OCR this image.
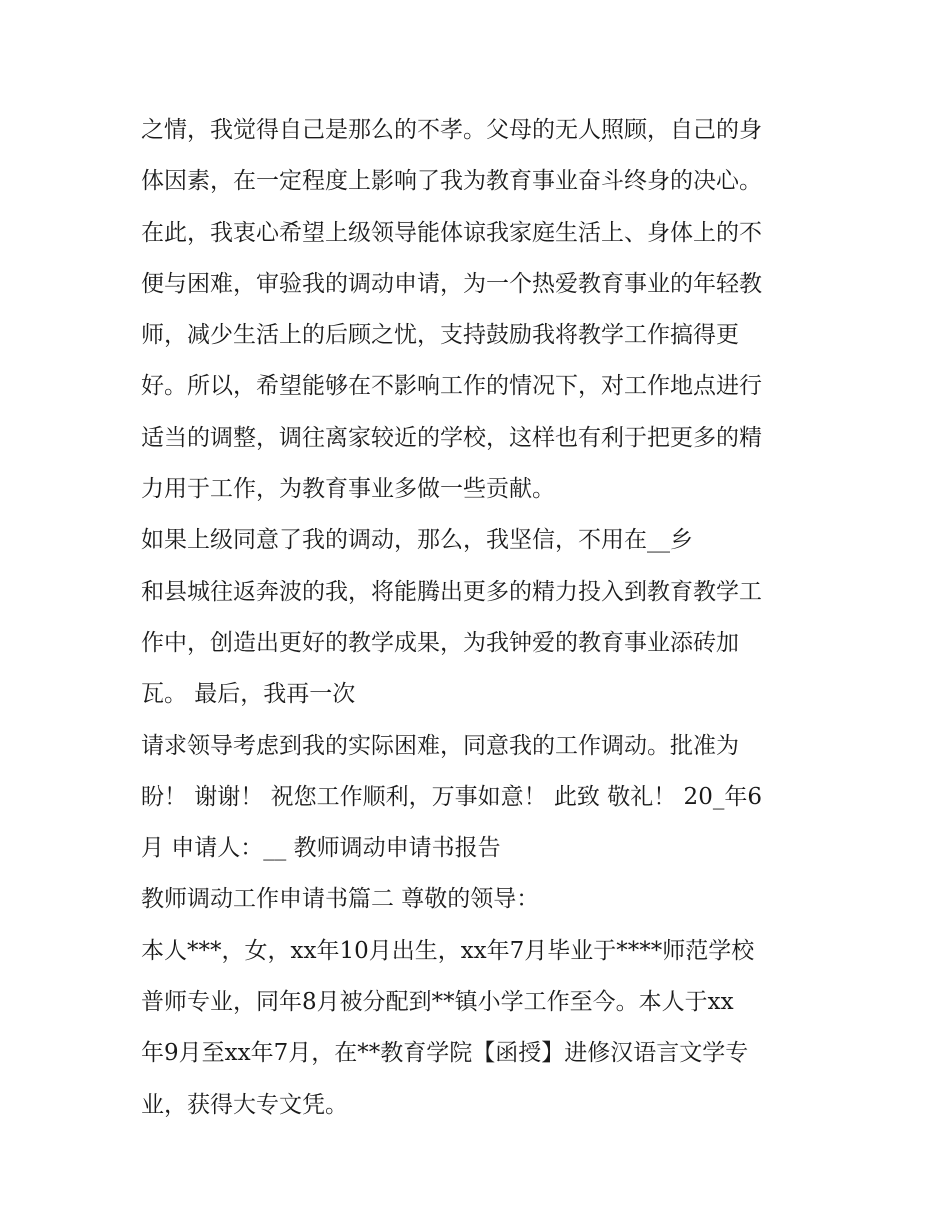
之情，我觉得自己是那么的不孝。父母的无人照顾，自己的身
体因素，在一定程度上影响了我为教育事业奋斗终身的决心。
在此，我衷心希望上级领导能体谅我家庭生活上、身体上的不
便与困难，审验我的调动申请，为一个热爱教育事业的年轻教
师，减少生活上的后顾之忧，支持鼓励我将教学工作搞得更
好。所以，希望能够在不影响工作的情况下，对工作地点进行
适当的调整，调往离家较近的学校，这样也有利于把更多的精
力用于工作，为教育事业多做一些贡献。
如果上级同意了我的调动，那么，我坚信，不用在__乡
和县城往返奔波的我，将能腾出更多的精力投入到教育教学工
作中，创造出更好的教学成果，为我钟爱的教育事业添砖加
瓦。 最后，我再一次
请求领导考虑到我的实际困难，同意我的工作调动。批准为
盼！ 谢谢！ 祝您工作顺利，万事如意！ 此致 敬礼！ 20_年6
月 申请人：__ 教师调动申请书报告
教师调动工作申请书篇二 尊敬的领导：
本人***，女，xx年10月出生，xx年7月毕业于****师范学校
普师专业，同年8月被分配到**镇小学工作至今。本人于xx
年9月至xx年7月，在**教育学院【函授】进修汉语言文学专
业，获得大专文凭。
